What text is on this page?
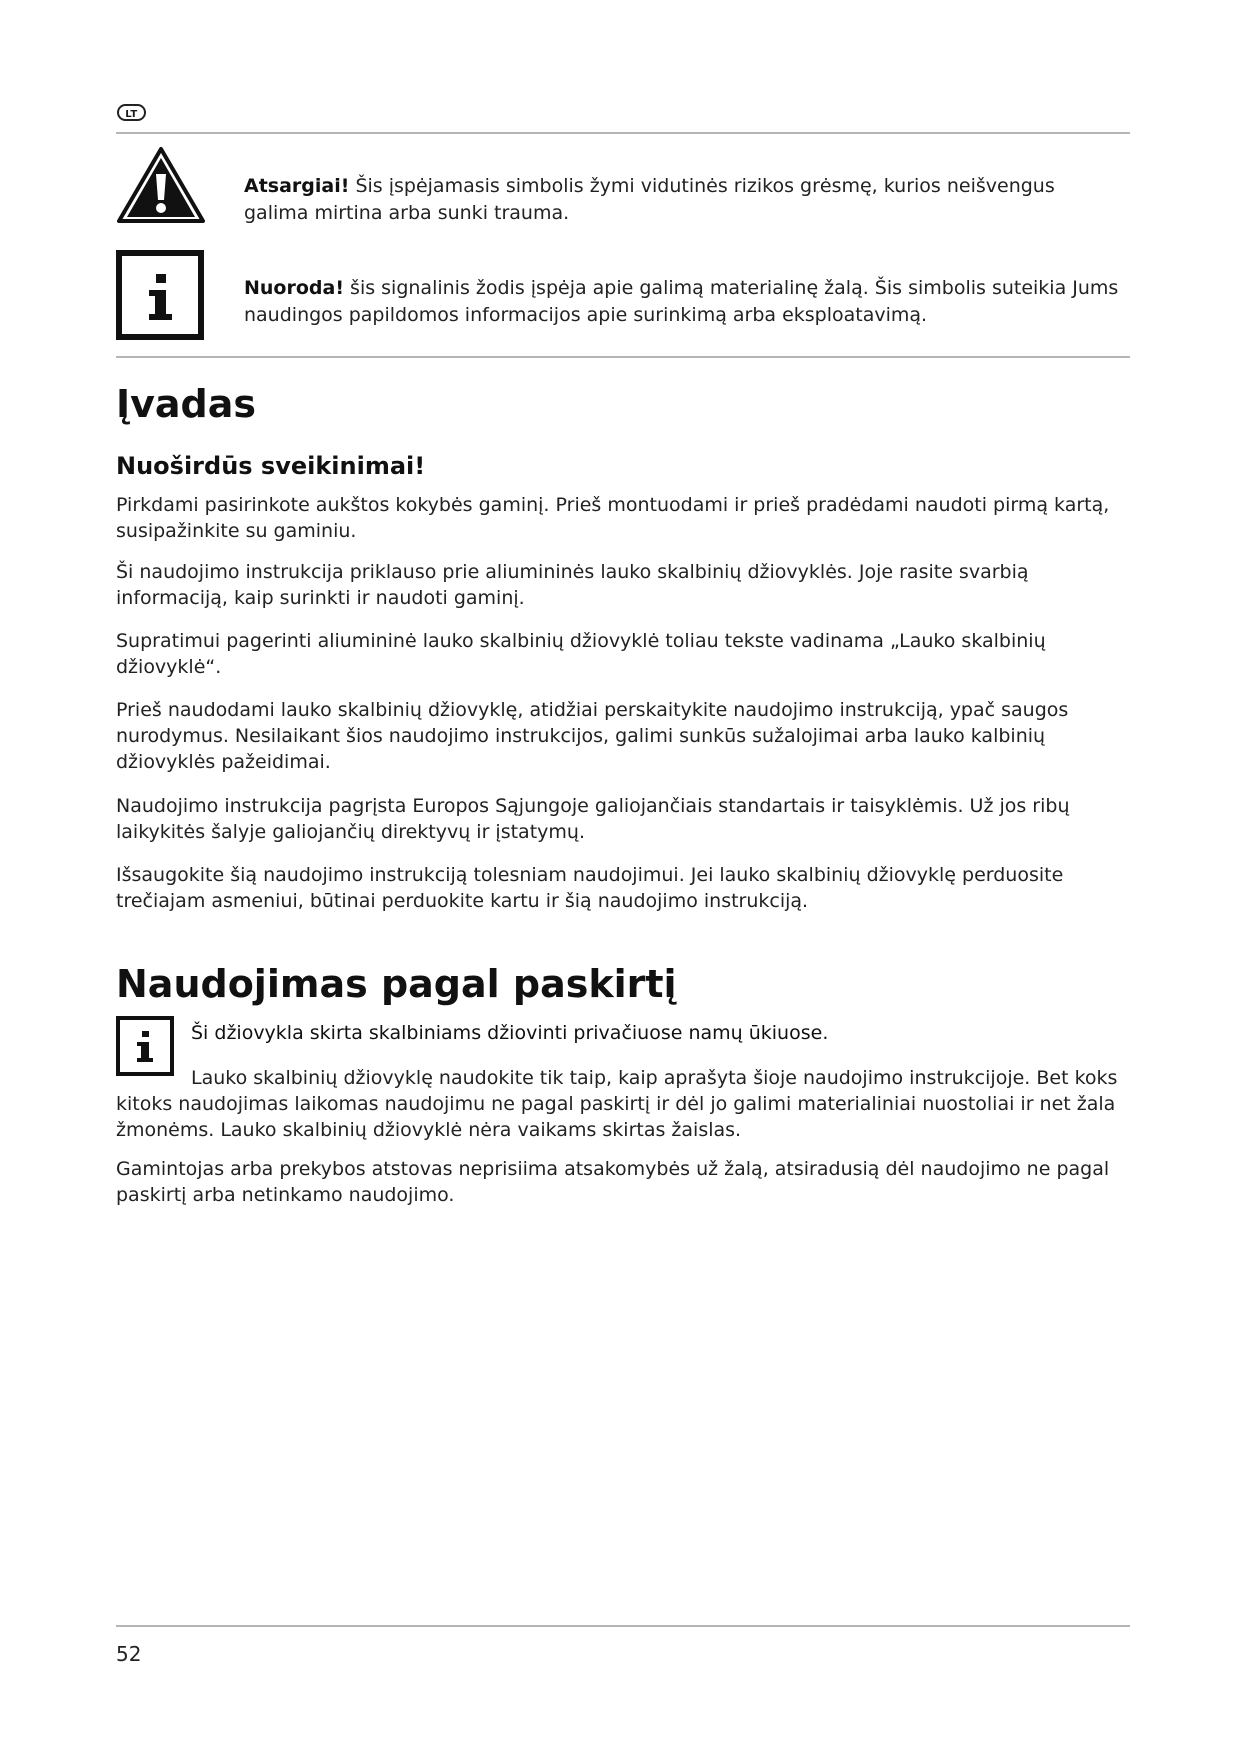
LT
Atsargiai! Šis įspėjamasis simbolis žymi vidutinės rizikos grėsmę, kurios neišvengus galima mirtina arba sunki trauma.
Nuoroda! šis signalinis žodis įspėja apie galimą materialinę žalą. Šis simbolis suteikia Jums naudingos papildomos informacijos apie surinkimą arba eksploatavimą.
Įvadas
Nuoširdūs sveikinimai!

Pirkdami pasirinkote aukštos kokybės gaminį. Prieš montuodami ir prieš pradėdami naudoti pirmą kartą, susipažinkite su gaminiu.

Ši naudojimo instrukcija priklauso prie aliumininės lauko skalbinių džiovyklės. Joje rasite svarbią informaciją, kaip surinkti ir naudoti gaminį.

Supratimui pagerinti aliumininė lauko skalbinių džiovyklė toliau tekste vadinama „Lauko skalbinių džiovyklė“.

Prieš naudodami lauko skalbinių džiovyklę, atidžiai perskaitykite naudojimo instrukciją, ypač saugos nurodymus. Nesilaikant šios naudojimo instrukcijos, galimi sunkūs sužalojimai arba lauko kalbinių džiovyklės pažeidimai.

Naudojimo instrukcija pagrįsta Europos Sąjungoje galiojančiais standartais ir taisyklėmis. Už jos ribų laikykitės šalyje galiojančių direktyvų ir įstatymų.

Išsaugokite šią naudojimo instrukciją tolesniam naudojimui. Jei lauko skalbinių džiovyklę perduosite trečiajam asmeniui, būtinai perduokite kartu ir šią naudojimo instrukciją.

Naudojimas pagal paskirtį

Ši džiovykla skirta skalbiniams džiovinti privačiuose namų ūkiuose.

Lauko skalbinių džiovyklę naudokite tik taip, kaip aprašyta šioje naudojimo instrukcijoje. Bet koks kitoks naudojimas laikomas naudojimu ne pagal paskirtį ir dėl jo galimi materialiniai nuostoliai ir net žala žmonėms. Lauko skalbinių džiovyklė nėra vaikams skirtas žaislas.

Gamintojas arba prekybos atstovas neprisiima atsakomybės už žalą, atsiradusią dėl naudojimo ne pagal paskirtį arba netinkamo naudojimo.

52
